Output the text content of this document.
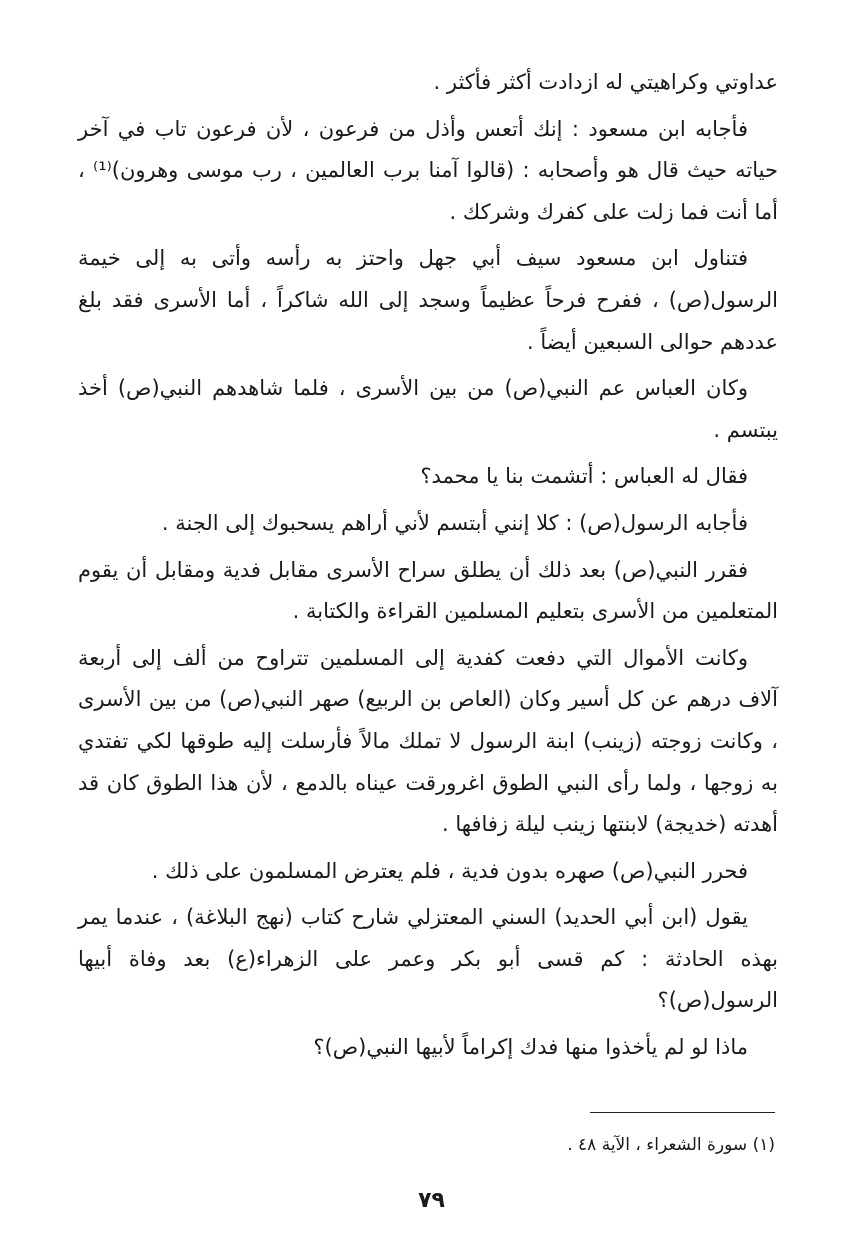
عداوتي وكراهيتي له ازدادت أكثر فأكثر .

فأجابه ابن مسعود : إنك أتعس وأذل من فرعون ، لأن فرعون تاب في آخر حياته حيث قال هو وأصحابه : (قالوا آمنا برب العالمين ، رب موسى وهرون)⁽¹⁾ ، أما أنت فما زلت على كفرك وشركك .

فتناول ابن مسعود سيف أبي جهل واحتز به رأسه وأتى به إلى خيمة الرسول(ص) ، ففرح فرحاً عظيماً وسجد إلى الله شاكراً ، أما الأسرى فقد بلغ عددهم حوالى السبعين أيضاً .

وكان العباس عم النبي(ص) من بين الأسرى ، فلما شاهدهم النبي(ص) أخذ يبتسم .

فقال له العباس : أتشمت بنا يا محمد؟

فأجابه الرسول(ص) : كلا إنني أبتسم لأني أراهم يسحبوك إلى الجنة .

فقرر النبي(ص) بعد ذلك أن يطلق سراح الأسرى مقابل فدية ومقابل أن يقوم المتعلمين من الأسرى بتعليم المسلمين القراءة والكتابة .

وكانت الأموال التي دفعت كفدية إلى المسلمين تتراوح من ألف إلى أربعة آلاف درهم عن كل أسير وكان (العاص بن الربيع) صهر النبي(ص) من بين الأسرى ، وكانت زوجته (زينب) ابنة الرسول لا تملك مالاً فأرسلت إليه طوقها لكي تفتدي به زوجها ، ولما رأى النبي الطوق اغرورقت عيناه بالدمع ، لأن هذا الطوق كان قد أهدته (خديجة) لابنتها زينب ليلة زفافها .

فحرر النبي(ص) صهره بدون فدية ، فلم يعترض المسلمون على ذلك .

يقول (ابن أبي الحديد) السني المعتزلي شارح كتاب (نهج البلاغة) ، عندما يمر بهذه الحادثة : كم قسى أبو بكر وعمر على الزهراء(ع) بعد وفاة أبيها الرسول(ص)؟

ماذا لو لم يأخذوا منها فدك إكراماً لأبيها النبي(ص)؟

(١) سورة الشعراء ، الآية ٤٨ .
٧٩
